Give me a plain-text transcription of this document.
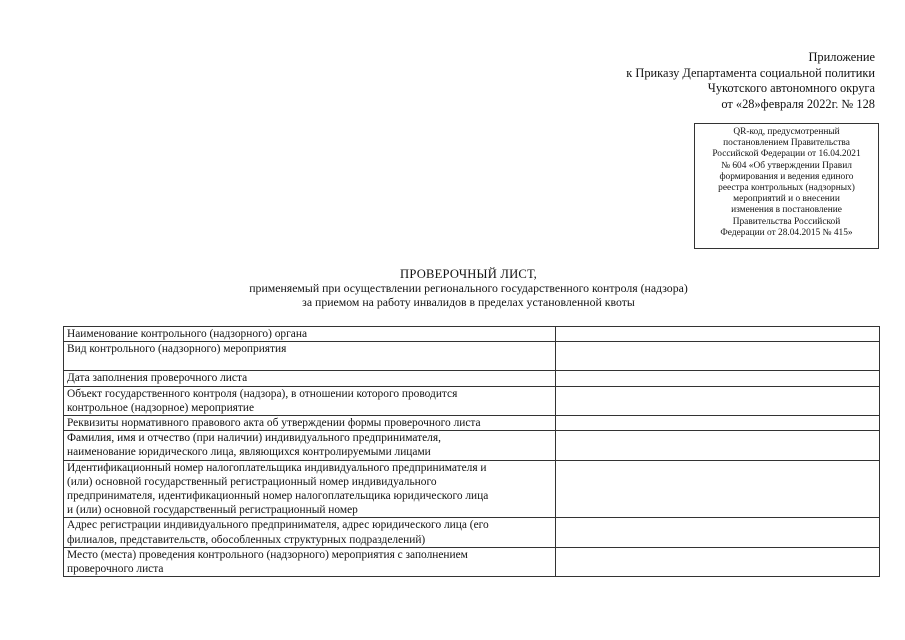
Приложение
к Приказу Департамента социальной политики
Чукотского автономного округа
от «28»февраля 2022г. № 128
QR-код, предусмотренный
постановлением Правительства
Российской Федерации от 16.04.2021
№ 604 «Об утверждении Правил
формирования и ведения единого
реестра контрольных (надзорных)
мероприятий и о внесении
изменения в постановление
Правительства Российской
Федерации от 28.04.2015 № 415»
ПРОВЕРОЧНЫЙ ЛИСТ,
применяемый при осуществлении регионального государственного контроля (надзора)
за приемом на работу инвалидов в пределах установленной квоты
Наименование контрольного (надзорного) органа	

Вид контрольного (надзорного) мероприятия	

Дата заполнения проверочного листа	

Объект государственного контроля (надзора), в отношении которого проводится
контрольное (надзорное) мероприятие	

Реквизиты нормативного правового акта об утверждении формы проверочного листа	

Фамилия, имя и отчество (при наличии) индивидуального предпринимателя,
наименование юридического лица, являющихся контролируемыми лицами	

Идентификационный номер налогоплательщика индивидуального предпринимателя и
(или) основной государственный регистрационный номер индивидуального
предпринимателя, идентификационный номер налогоплательщика юридического лица
и (или) основной государственный регистрационный номер	

Адрес регистрации индивидуального предпринимателя, адрес юридического лица (его
филиалов, представительств, обособленных структурных подразделений)	

Место (места) проведения контрольного (надзорного) мероприятия с заполнением
проверочного листа	
